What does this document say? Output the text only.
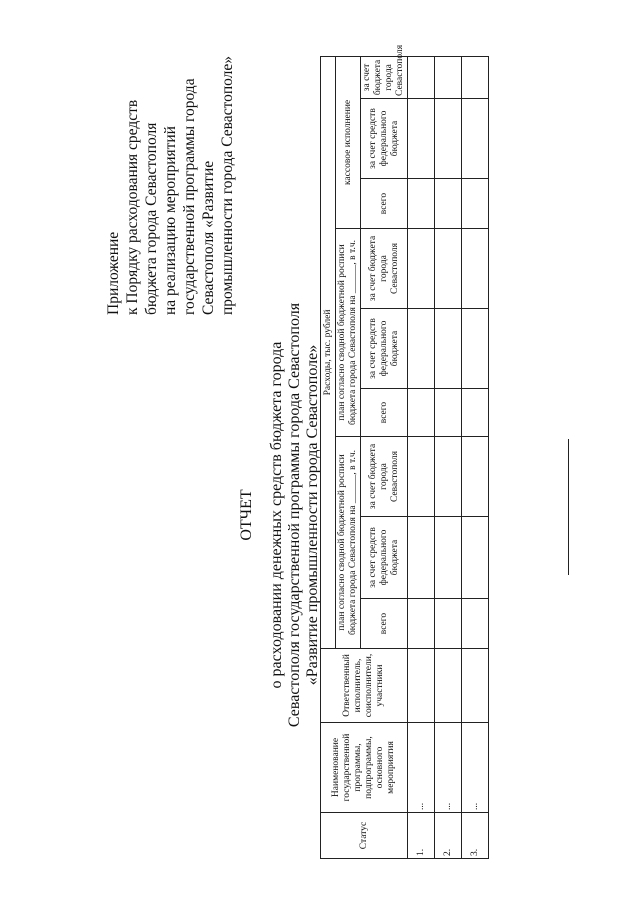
Приложение к Порядку расходования средств бюджета города Севастополя на реализацию мероприятий государственной программы города Севастополя «Развитие промышленности города Севастополе»
ОТЧЕТ о расходовании денежных средств бюджета города Севастополя государственной программы города Севастополя «Развитие промышленности города Севастополе»
Статус	Наименование государственной программы, подпрограммы, основного мероприятия	Ответственный исполнитель, соисполнители, участники	Расходы, тыс. рублей								
			план согласно сводной бюджетной росписи бюджета города Севастополя на ______, в т.ч.			план согласно сводной бюджетной росписи бюджета города Севастополя на ______, в т.ч.			кассовое исполнение		
			всего	за счет средств федерального бюджета	за счет бюджета города Севастополя	всего	за счет средств федерального бюджета	за счет бюджета города Севастополя	всего	за счет средств федерального бюджета	за счет бюджета города Севастополя
1.	...										
2.	...										
3.	...										
